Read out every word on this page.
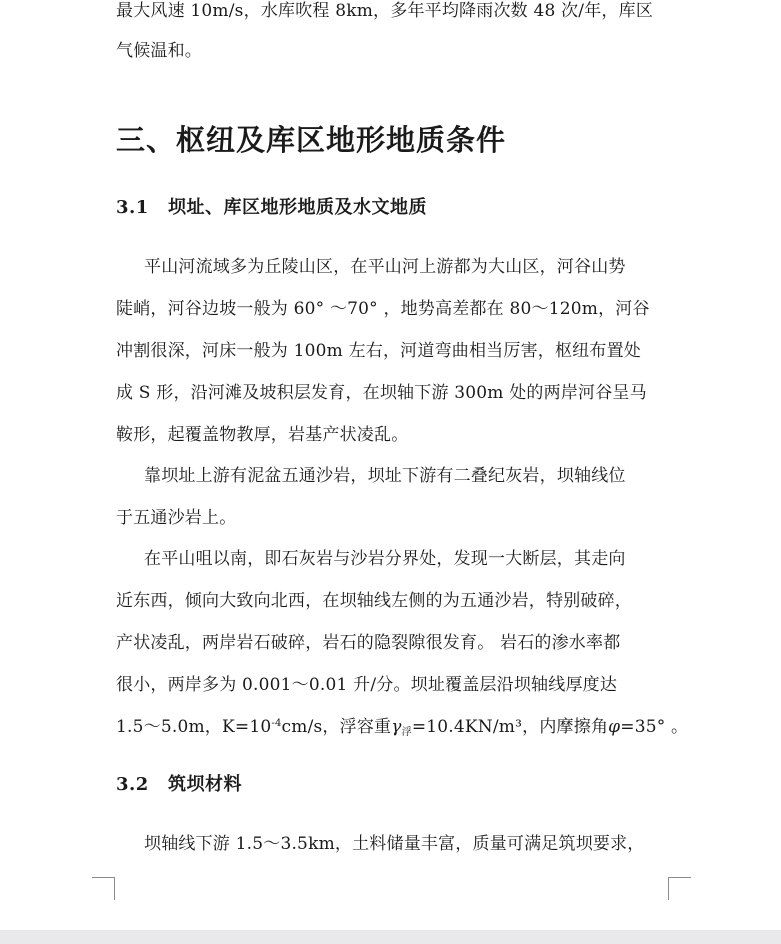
最大风速 10m/s，水库吹程 8km，多年平均降雨次数 48 次/年，库区
气候温和。
三、枢纽及库区地形地质条件
3.1 坝址、库区地形地质及水文地质
平山河流域多为丘陵山区，在平山河上游都为大山区，河谷山势
陡峭，河谷边坡一般为 60° ～70° ，地势高差都在 80～120m，河谷
冲割很深，河床一般为 100m 左右，河道弯曲相当厉害，枢纽布置处
成 S 形，沿河滩及坡积层发育，在坝轴下游 300m 处的两岸河谷呈马
鞍形，起覆盖物教厚，岩基产状凌乱。
靠坝址上游有泥盆五通沙岩，坝址下游有二叠纪灰岩，坝轴线位
于五通沙岩上。
在平山咀以南，即石灰岩与沙岩分界处，发现一大断层，其走向
近东西，倾向大致向北西，在坝轴线左侧的为五通沙岩，特别破碎，
产状凌乱，两岸岩石破碎，岩石的隐裂隙很发育。 岩石的渗水率都
很小，两岸多为 0.001～0.01 升/分。坝址覆盖层沿坝轴线厚度达
1.5～5.0m，$K=10^{-4}cm/s$，浮容重$\gamma_浮=10.4KN/m^3$，内摩擦角φ=35° 。
3.2 筑坝材料
坝轴线下游 1.5～3.5km，土料储量丰富，质量可满足筑坝要求，
